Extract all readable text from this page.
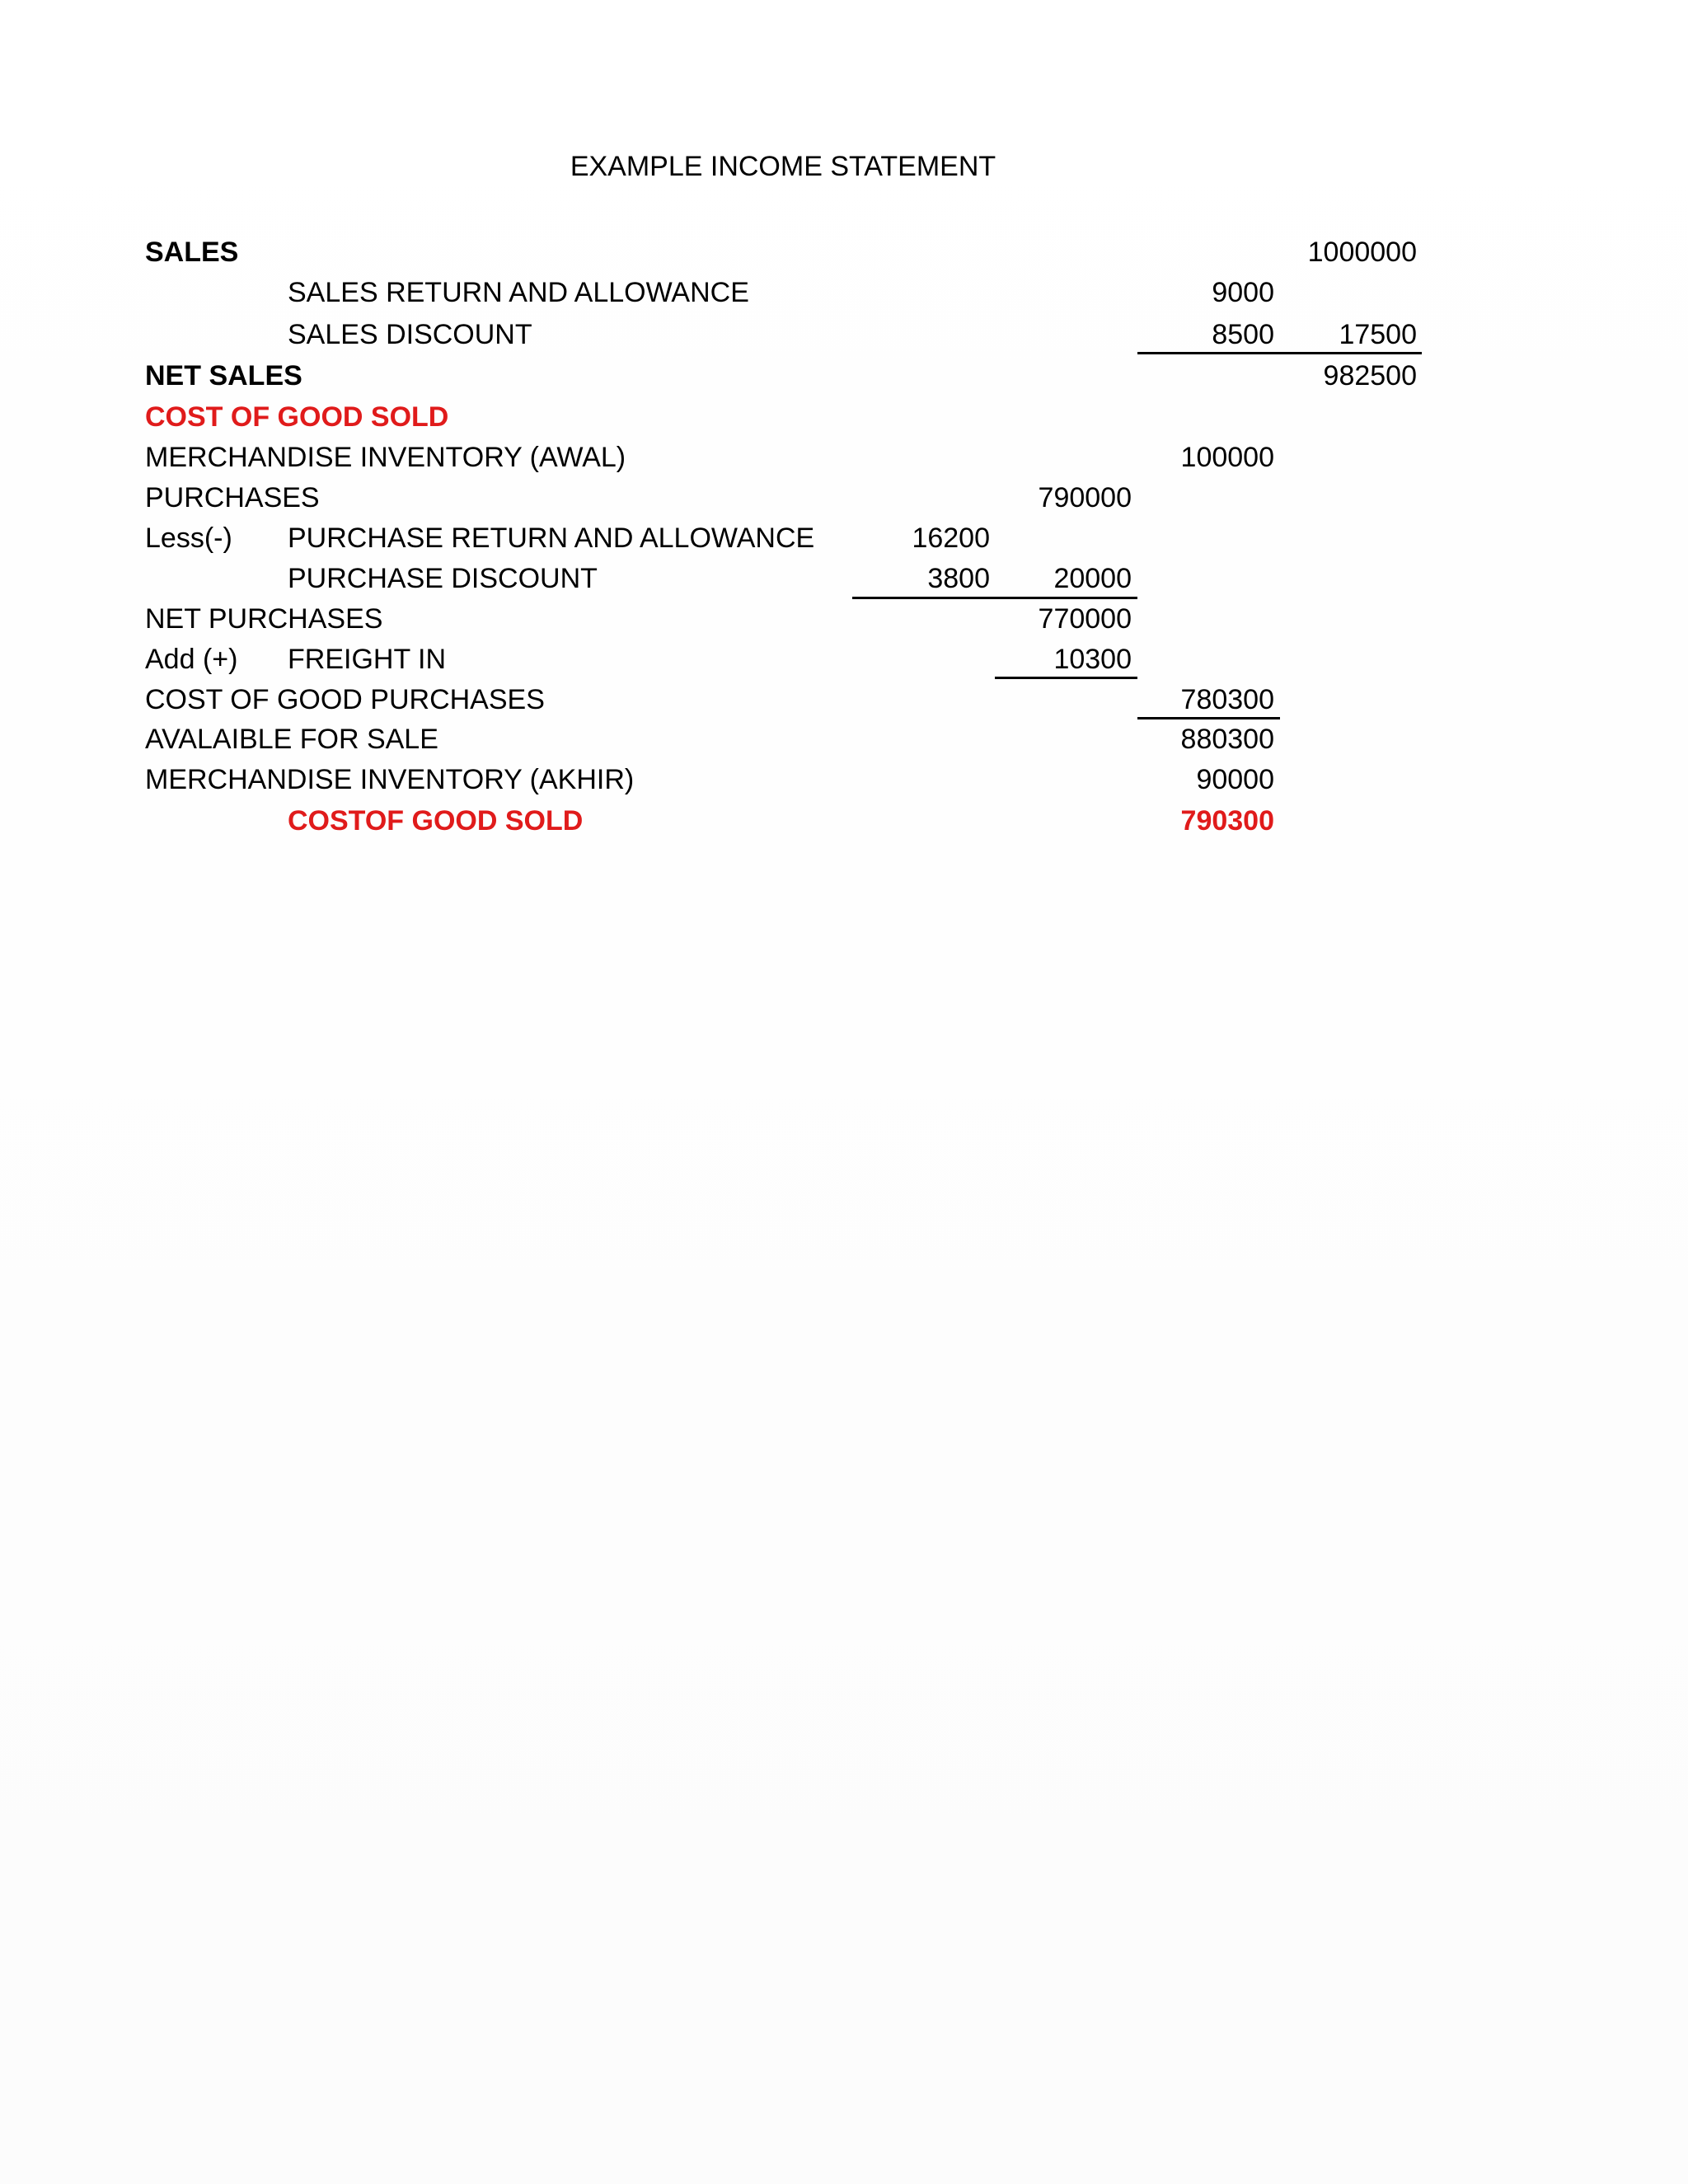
EXAMPLE INCOME STATEMENT
SALES	1000000
SALES RETURN AND ALLOWANCE	9000
SALES DISCOUNT	8500	17500
NET SALES	982500
COST OF GOOD SOLD
MERCHANDISE INVENTORY (AWAL)	100000
PURCHASES	790000
Less(-) PURCHASE RETURN AND ALLOWANCE	16200
PURCHASE DISCOUNT	3800	20000
NET PURCHASES	770000
Add (+) FREIGHT IN	10300
COST OF GOOD PURCHASES	780300
AVALAIBLE FOR SALE	880300
MERCHANDISE INVENTORY (AKHIR)	90000
COSTOF GOOD SOLD	790300
